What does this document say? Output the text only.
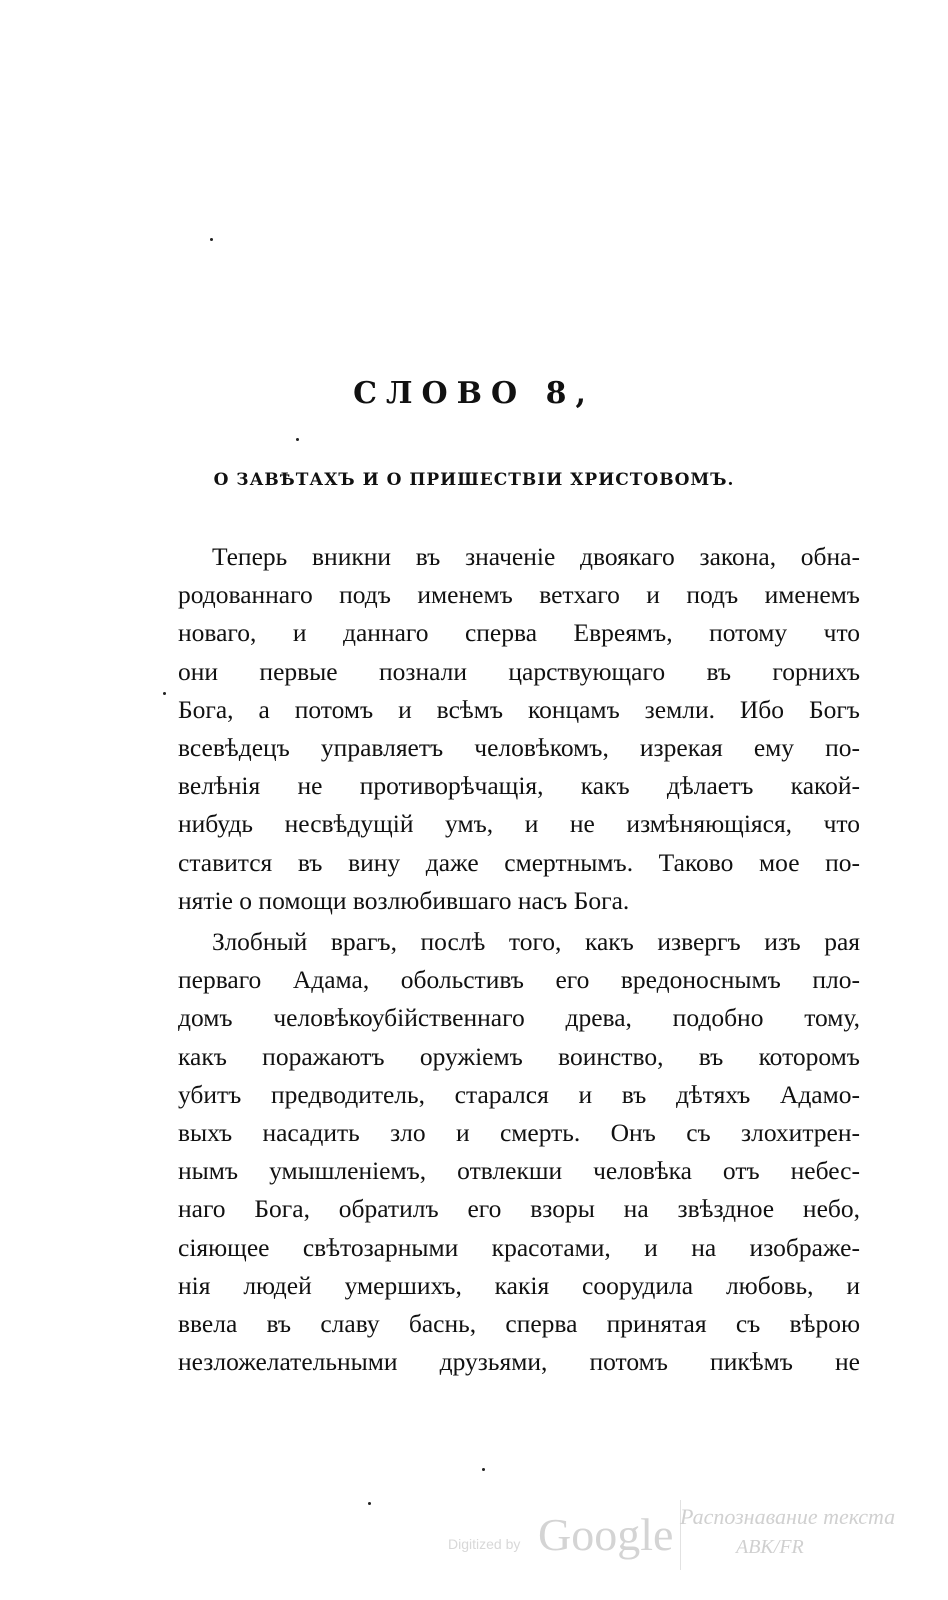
СЛОВО 8,
О ЗАВѢТАХЪ И О ПРИШЕСТВІИ ХРИСТОВОМЪ.
Теперь вникни въ значеніе двоякаго закона, обна-
родованнаго подъ именемъ ветхаго и подъ именемъ
новаго, и даннаго сперва Евреямъ, потому что
они первые познали царствующаго въ горнихъ
Бога, а потомъ и всѣмъ концамъ земли. Ибо Богъ
всевѣдецъ управляетъ человѣкомъ, изрекая ему по-
велѣнія не противорѣчащія, какъ дѣлаетъ какой-
нибудь несвѣдущій умъ, и не измѣняющіяся, что
ставится въ вину даже смертнымъ. Таково мое по-
нятіе о помощи возлюбившаго насъ Бога.
Злобный врагъ, послѣ того, какъ извергъ изъ рая
перваго Адама, обольстивъ его вредоноснымъ пло-
домъ человѣкоубійственнаго древа, подобно тому,
какъ поражаютъ оружіемъ воинство, въ которомъ
убитъ предводитель, старался и въ дѣтяхъ Адамо-
выхъ насадить зло и смерть. Онъ съ злохитрен-
нымъ умышленіемъ, отвлекши человѣка отъ небес-
наго Бога, обратилъ его взоры на звѣздное небо,
сіяющее свѣтозарными красотами, и на изображе-
нія людей умершихъ, какія соорудила любовь, и
ввела въ славу баснь, сперва принятая съ вѣрою
незложелательными друзьями, потомъ пикѣмъ не
Digitized by Google Распознавание текста
ABK/FR
